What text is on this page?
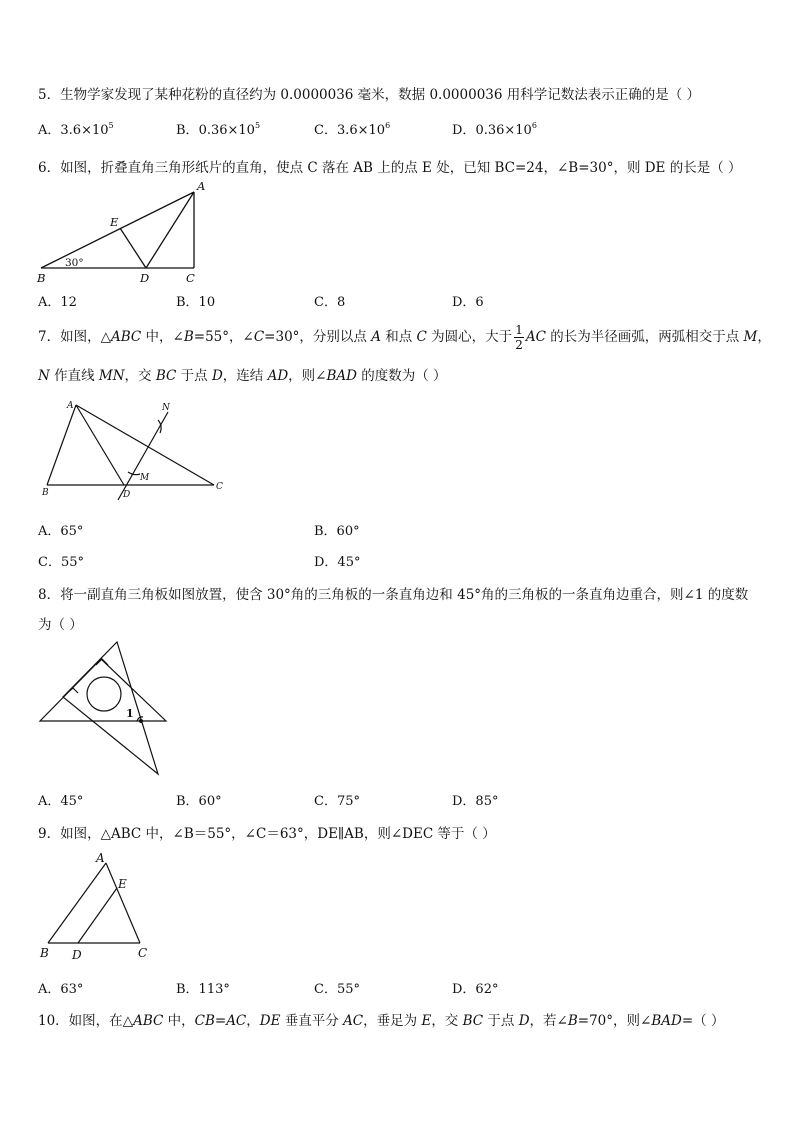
5．生物学家发现了某种花粉的直径约为 0.0000036 毫米，数据 0.0000036 用科学记数法表示正确的是（ ）
A．$3.6\times 10^5$	B．$0.36\times 10^5$	C．$3.6\times 10^6$	D．$0.36\times 10^6$
6．如图，折叠直角三角形纸片的直角，使点 C 落在 AB 上的点 E 处，已知 BC=24，∠B=30°，则 DE 的长是（ ）
A
B	C
D
E
30°
A．12	B．10	C．8	D．6
7．如图，△ABC 中，∠B=55°，∠C=30°，分别以点 A 和点 C 为圆心，大于 $\frac{1}{2}$ AC 的长为半径画弧，两弧相交于点 M，
N 作直线 MN，交 BC 于点 D，连结 AD，则∠BAD 的度数为（ ）
A
B
C
D
M
N
A．65°	B．60°
C．55°	D．45°
8．将一副直角三角板如图放置，使含 30°角的三角板的一条直角边和 45°角的三角板的一条直角边重合，则∠1 的度数
为（ ）
1
A．45°	B．60°	C．75°	D．85°
9．如图，△ABC 中，∠B＝55°，∠C＝63°，DE∥AB，则∠DEC 等于（ ）
A
B	C
D
E
A．63°	B．113°	C．55°	D．62°
10．如图，在△ABC 中，CB=AC，DE 垂直平分 AC，垂足为 E，交 BC 于点 D，若∠B=70°，则∠BAD=（ ）
